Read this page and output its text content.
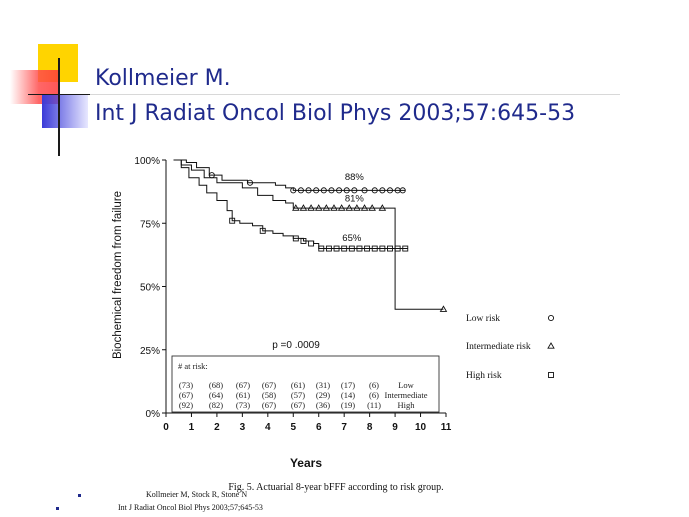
Kollmeier M.
Int J Radiat Oncol Biol Phys 2003;57:645-53
0 1 2 3 4 5 6 7 8 9 10 11
0%
25%
50%
75%
100%
Years
Biochemical freedom from failure
88%
81%
65%
p =0 .0009
Fig. 5. Actuarial 8-year bFFF according to risk group.
Low risk
Intermediate risk
High risk
# at risk:
(73) (68) (67) (67) (61) (31) (17) (6) Low
(67) (64) (61) (58) (57) (29) (14) (6) Intermediate
(92) (82) (73) (67) (67) (36) (19) (11) High
Kollmeier M, Stock R, Stone N
Int J Radiat Oncol Biol Phys 2003;57;645-53
